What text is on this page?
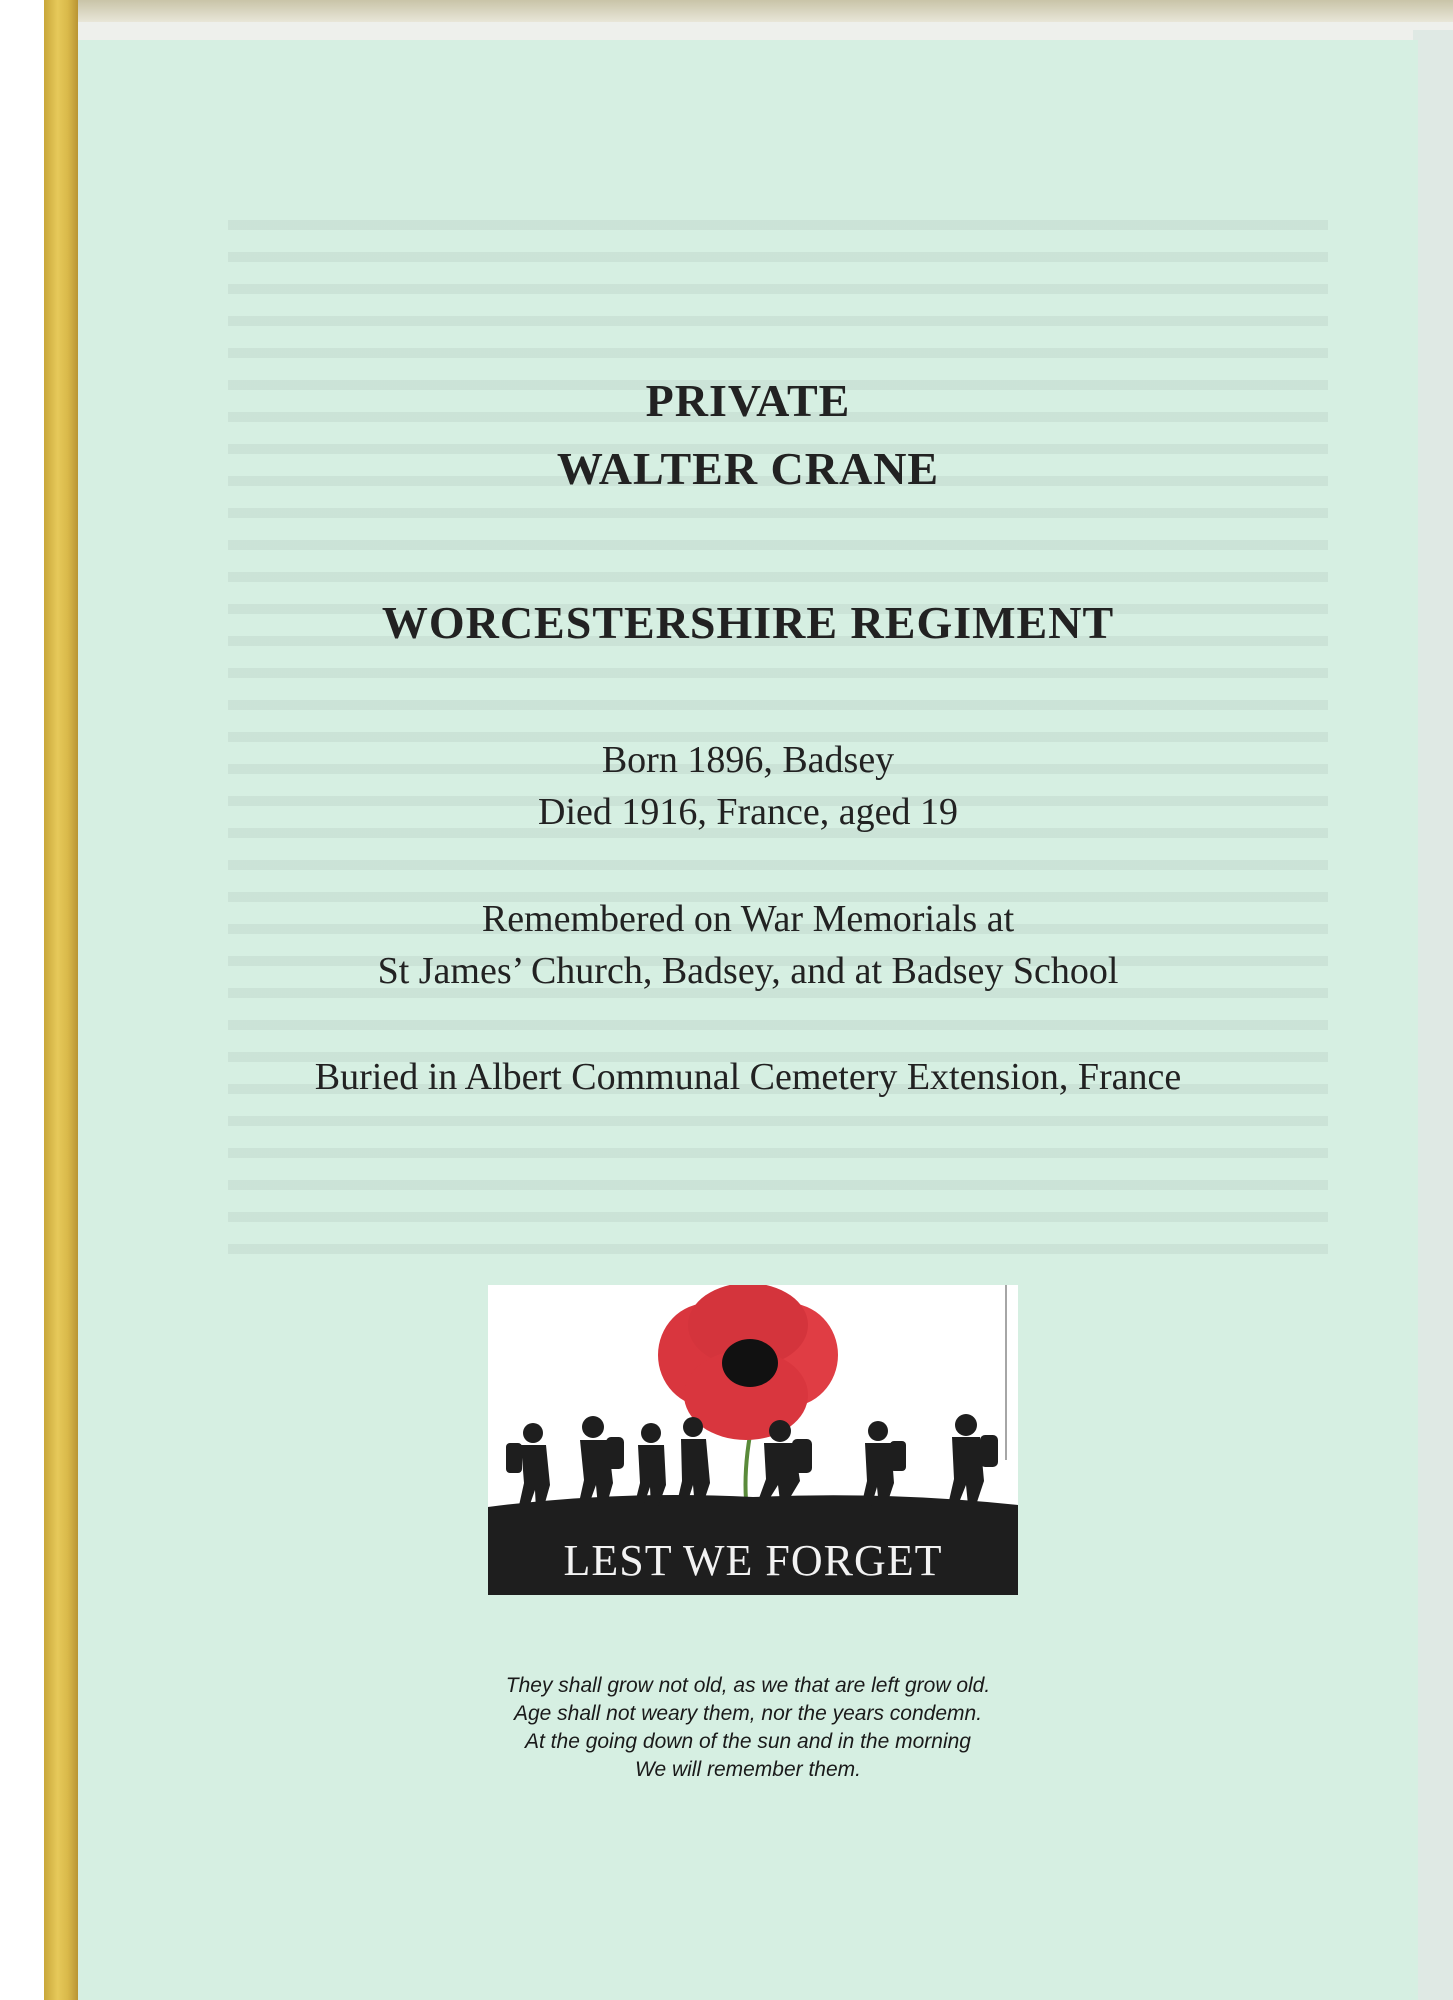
PRIVATE
WALTER CRANE
WORCESTERSHIRE REGIMENT
Born 1896, Badsey
Died 1916, France, aged 19
Remembered on War Memorials at
St James’ Church, Badsey, and at Badsey School
Buried in Albert Communal Cemetery Extension, France
LEST WE FORGET
They shall grow not old, as we that are left grow old.
Age shall not weary them, nor the years condemn.
At the going down of the sun and in the morning
We will remember them.
